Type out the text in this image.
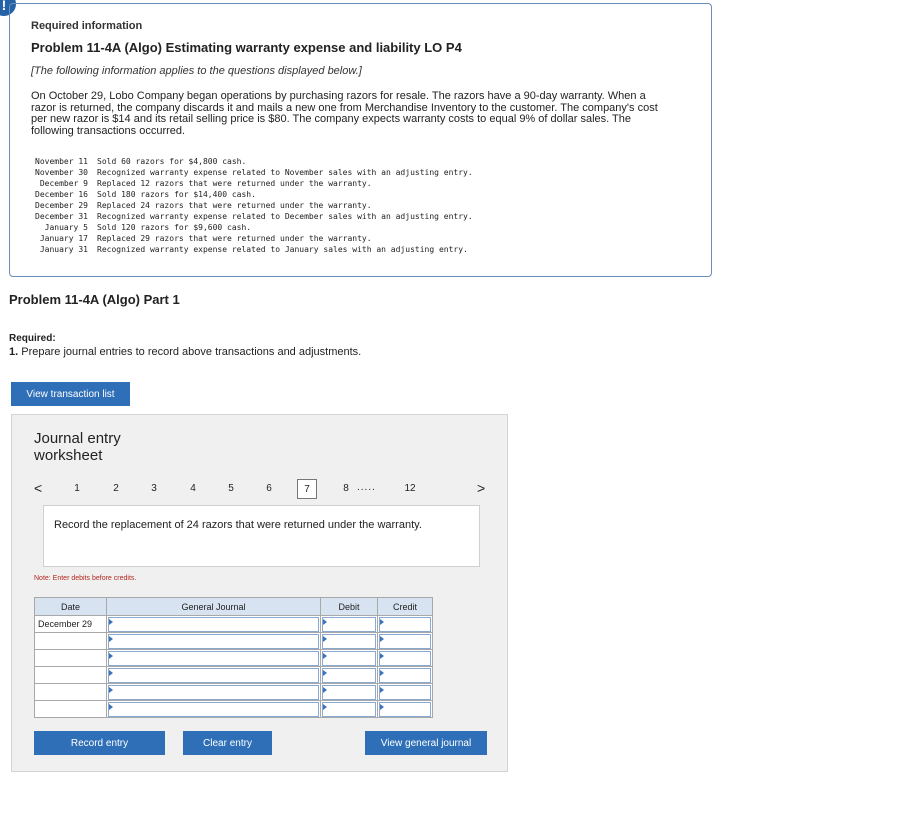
!
Required information
Problem 11-4A (Algo) Estimating warranty expense and liability LO P4
[The following information applies to the questions displayed below.]
On October 29, Lobo Company began operations by purchasing razors for resale. The razors have a 90-day warranty. When a razor is returned, the company discards it and mails a new one from Merchandise Inventory to the customer. The company's cost per new razor is $14 and its retail selling price is $80. The company expects warranty costs to equal 9% of dollar sales. The following transactions occurred.
November 11 Sold 60 razors for $4,800 cash.
November 30 Recognized warranty expense related to November sales with an adjusting entry.
December 9 Replaced 12 razors that were returned under the warranty.
December 16 Sold 180 razors for $14,400 cash.
December 29 Replaced 24 razors that were returned under the warranty.
December 31 Recognized warranty expense related to December sales with an adjusting entry.
January 5 Sold 120 razors for $9,600 cash.
January 17 Replaced 29 razors that were returned under the warranty.
January 31 Recognized warranty expense related to January sales with an adjusting entry.
Problem 11-4A (Algo) Part 1
Required:
1. Prepare journal entries to record above transactions and adjustments.
View transaction list
Journal entry worksheet
<	1	2	3	4	5	6	7	8 .....	12	>
Record the replacement of 24 razors that were returned under the warranty.
Note: Enter debits before credits.
Date	General Journal	Debit	Credit
December 29	

Record entry	Clear entry	View general journal
